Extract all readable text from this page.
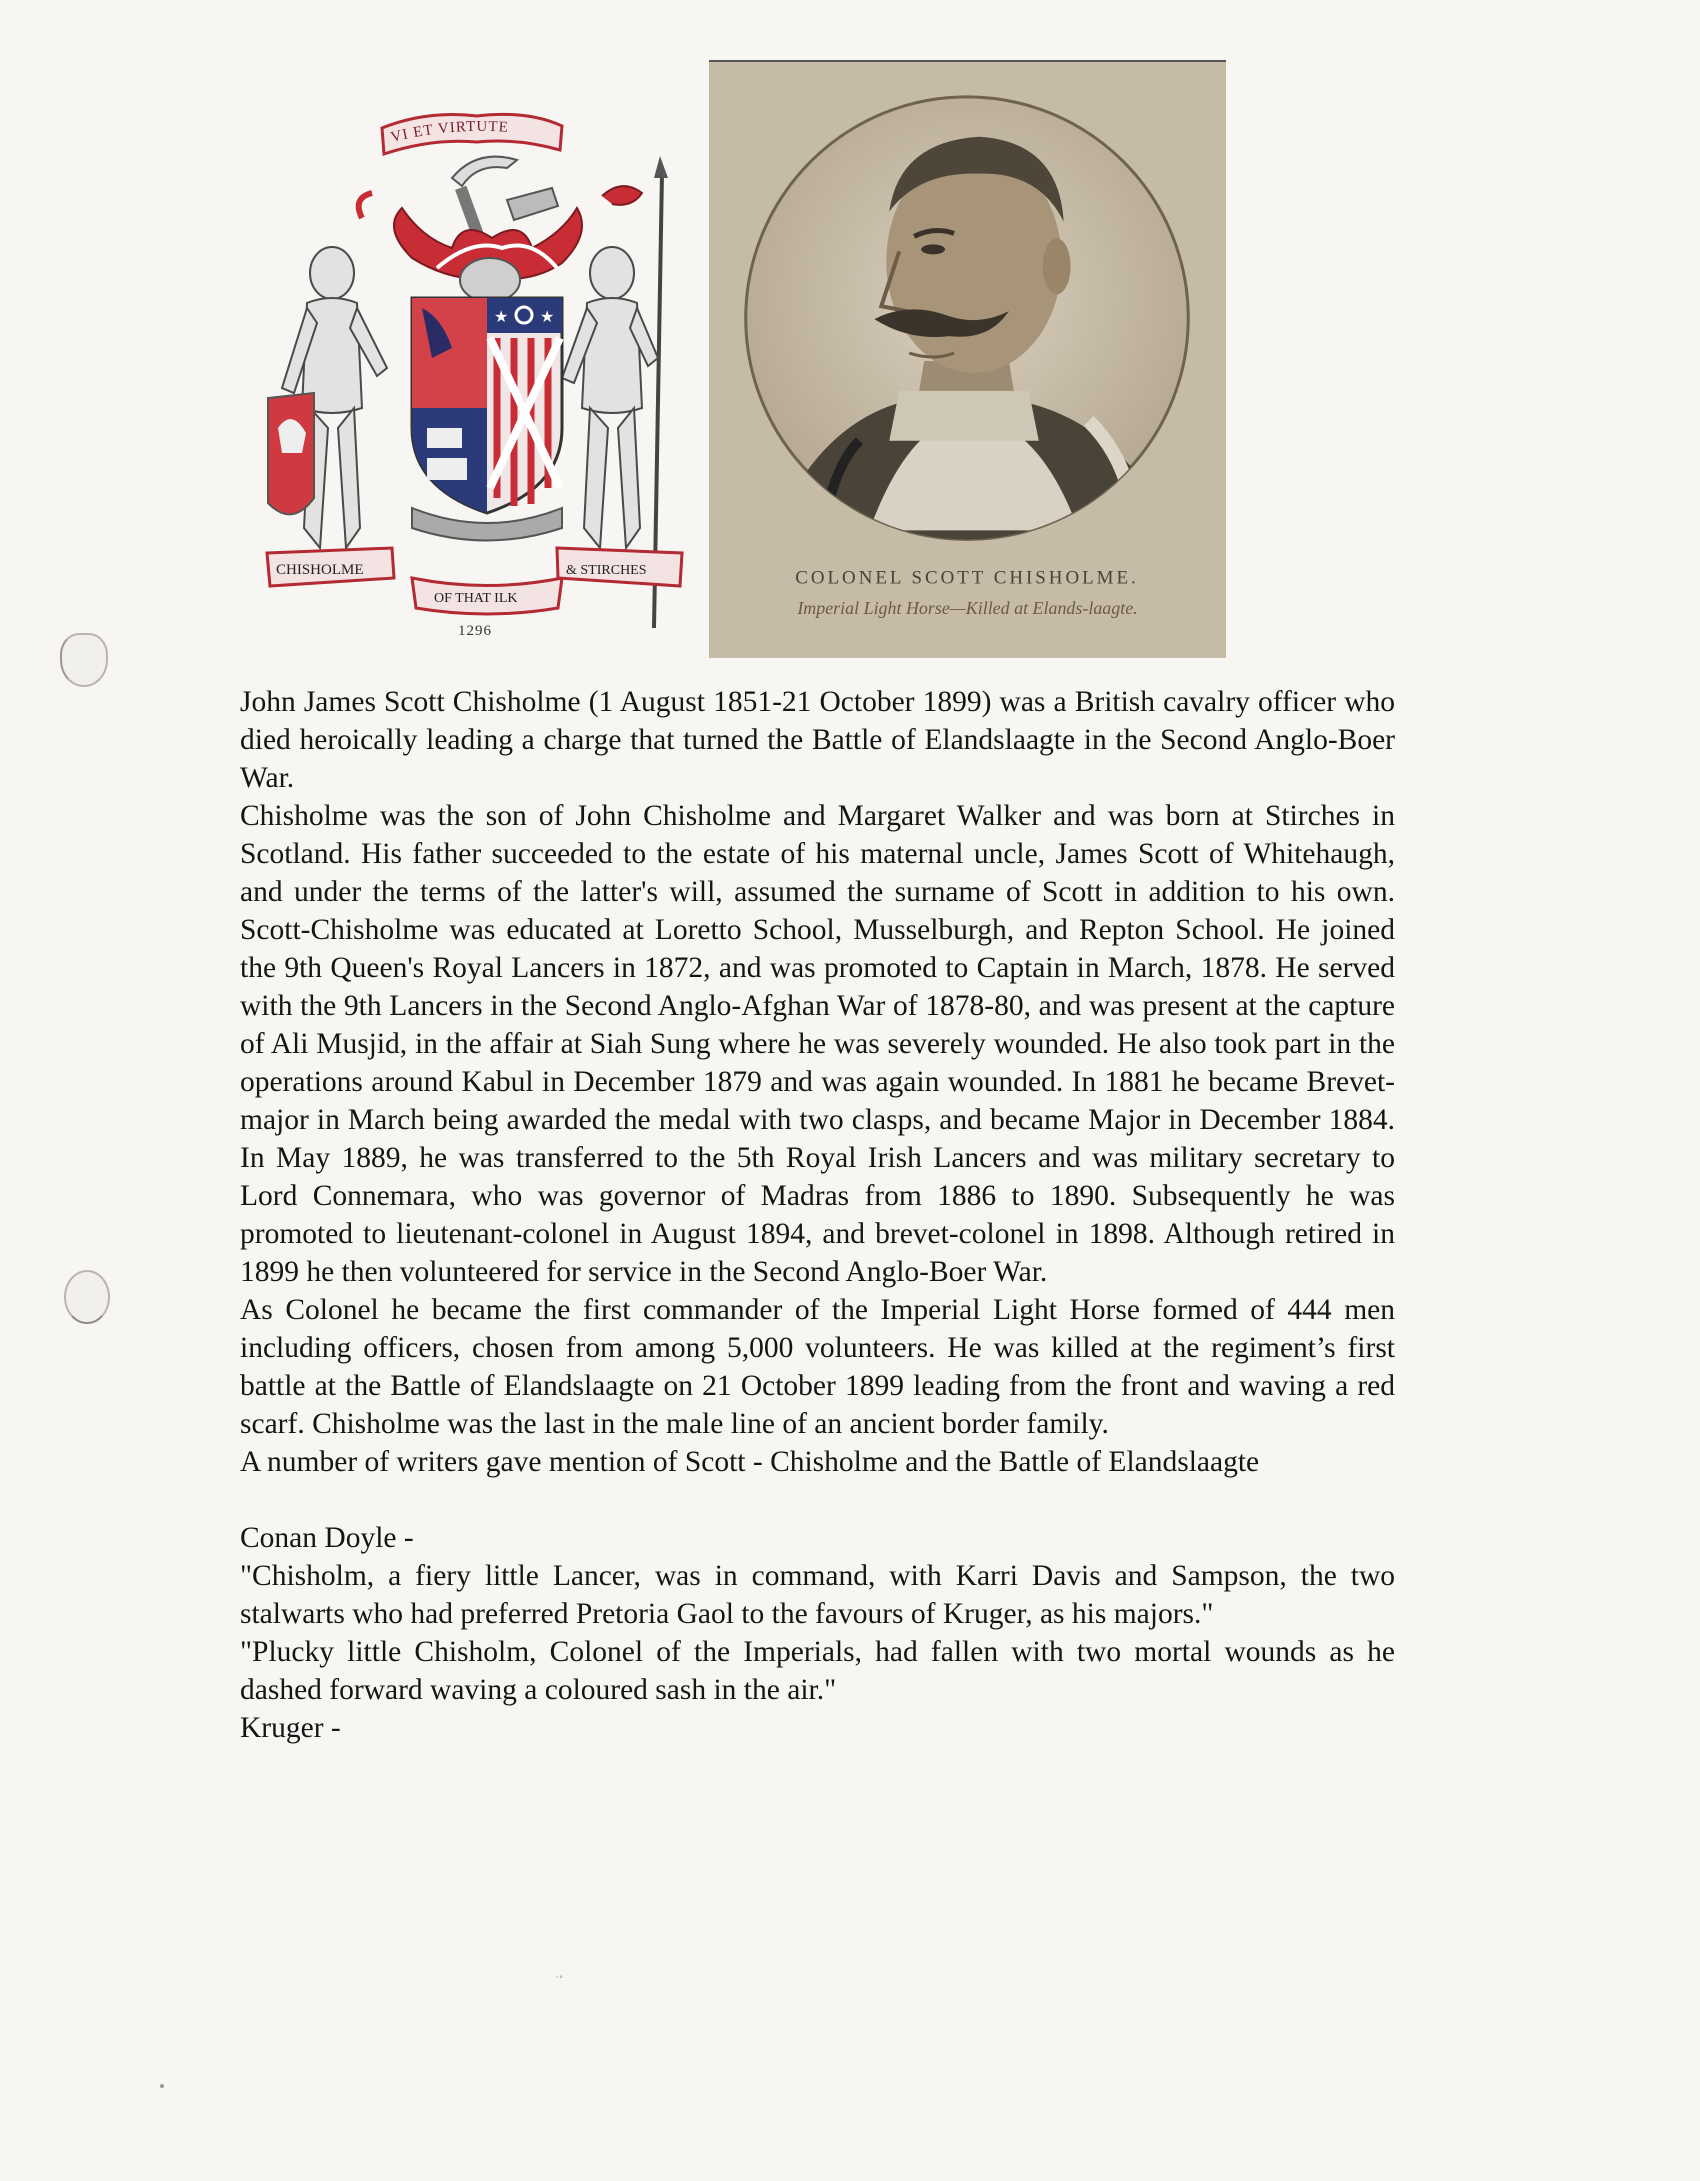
VI ET VIRTUTE
★ ★
CHISHOLME
OF THAT ILK
& STIRCHES
1296
COLONEL SCOTT CHISHOLME.
Imperial Light Horse—Killed at Elands-laagte.

John James Scott Chisholme (1 August 1851-21 October 1899) was a British cavalry officer who died heroically leading a charge that turned the Battle of Elandslaagte in the Second Anglo-Boer War.

Chisholme was the son of John Chisholme and Margaret Walker and was born at Stirches in Scotland. His father succeeded to the estate of his maternal uncle, James Scott of Whitehaugh, and under the terms of the latter's will, assumed the surname of Scott in addition to his own. Scott-Chisholme was educated at Loretto School, Musselburgh, and Repton School. He joined the 9th Queen's Royal Lancers in 1872, and was promoted to Captain in March, 1878. He served with the 9th Lancers in the Second Anglo-Afghan War of 1878-80, and was present at the capture of Ali Musjid, in the affair at Siah Sung where he was severely wounded. He also took part in the operations around Kabul in December 1879 and was again wounded. In 1881 he became Brevet-major in March being awarded the medal with two clasps, and became Major in December 1884. In May 1889, he was transferred to the 5th Royal Irish Lancers and was military secretary to Lord Connemara, who was governor of Madras from 1886 to 1890. Subsequently he was promoted to lieutenant-colonel in August 1894, and brevet-colonel in 1898. Although retired in 1899 he then volunteered for service in the Second Anglo-Boer War.

As Colonel he became the first commander of the Imperial Light Horse formed of 444 men including officers, chosen from among 5,000 volunteers. He was killed at the regiment’s first battle at the Battle of Elandslaagte on 21 October 1899 leading from the front and waving a red scarf. Chisholme was the last in the male line of an ancient border family.

A number of writers gave mention of Scott - Chisholme and the Battle of Elandslaagte

Conan Doyle -

"Chisholm, a fiery little Lancer, was in command, with Karri Davis and Sampson, the two stalwarts who had preferred Pretoria Gaol to the favours of Kruger, as his majors."

"Plucky little Chisholm, Colonel of the Imperials, had fallen with two mortal wounds as he dashed forward waving a coloured sash in the air."

Kruger -

˙˚
